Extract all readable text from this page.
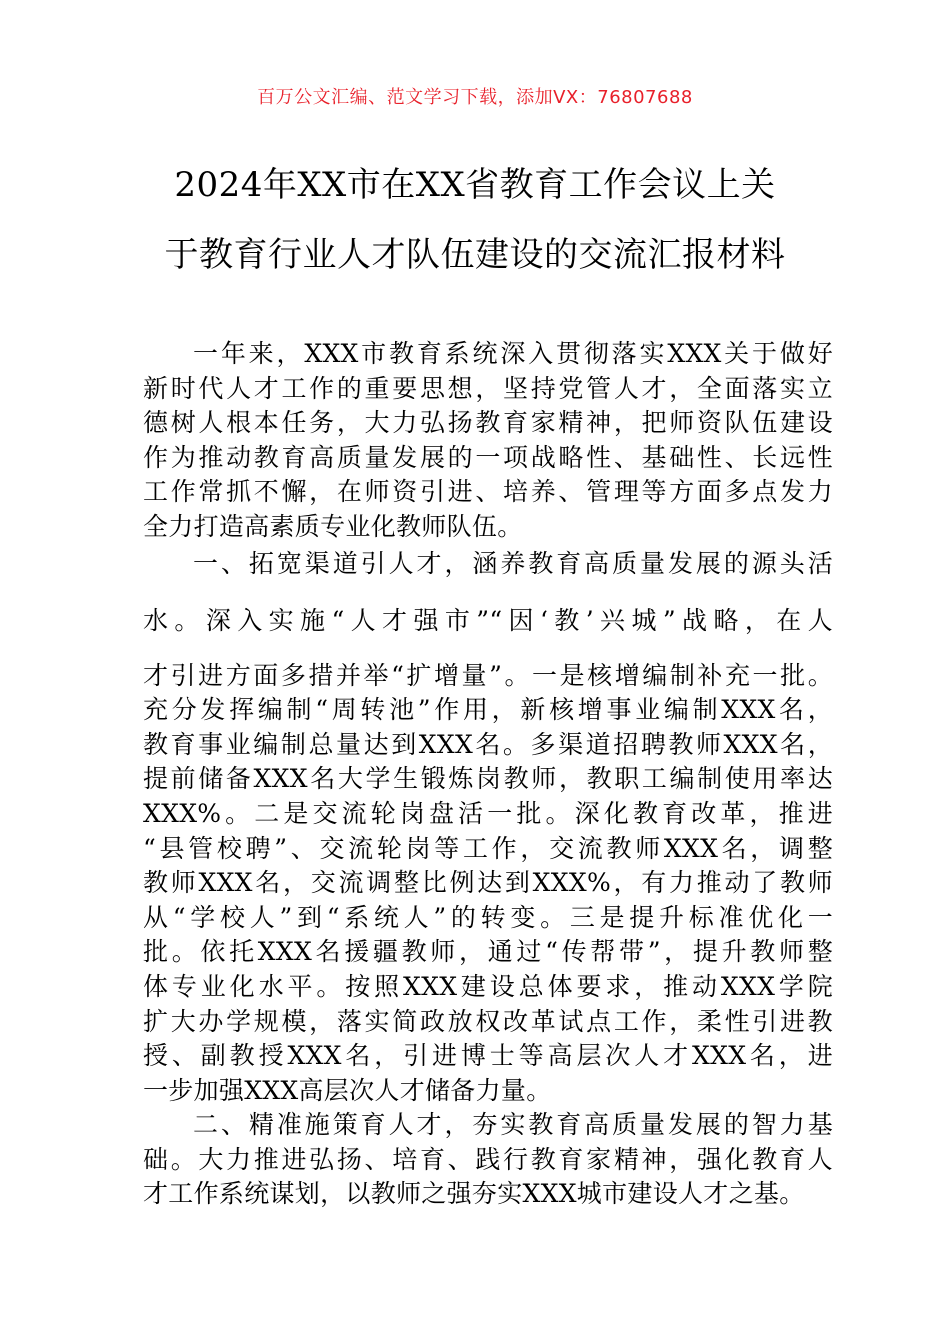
百万公文汇编、范文学习下载，添加VX：76807688
2024年XX市在XX省教育工作会议上关
于教育行业人才队伍建设的交流汇报材料
一年来，XXX市教育系统深入贯彻落实XXX关于做好
新时代人才工作的重要思想，坚持党管人才，全面落实立
德树人根本任务，大力弘扬教育家精神，把师资队伍建设
作为推动教育高质量发展的一项战略性、基础性、长远性
工作常抓不懈，在师资引进、培养、管理等方面多点发力
全力打造高素质专业化教师队伍。
一、拓宽渠道引人才，涵养教育高质量发展的源头活
水。深入实施“人才强市”“因‘教’兴城”战略，在人
才引进方面多措并举“扩增量”。一是核增编制补充一批。
充分发挥编制“周转池”作用，新核增事业编制XXX名，
教育事业编制总量达到XXX名。多渠道招聘教师XXX名，
提前储备XXX名大学生锻炼岗教师，教职工编制使用率达
XXX%。二是交流轮岗盘活一批。深化教育改革，推进
“县管校聘”、交流轮岗等工作，交流教师XXX名，调整
教师XXX名，交流调整比例达到XXX%，有力推动了教师
从“学校人”到“系统人”的转变。三是提升标准优化一
批。依托XXX名援疆教师，通过“传帮带”，提升教师整
体专业化水平。按照XXX建设总体要求，推动XXX学院
扩大办学规模，落实简政放权改革试点工作，柔性引进教
授、副教授XXX名，引进博士等高层次人才XXX名，进
一步加强XXX高层次人才储备力量。
二、精准施策育人才，夯实教育高质量发展的智力基
础。大力推进弘扬、培育、践行教育家精神，强化教育人
才工作系统谋划，以教师之强夯实XXX城市建设人才之基。
